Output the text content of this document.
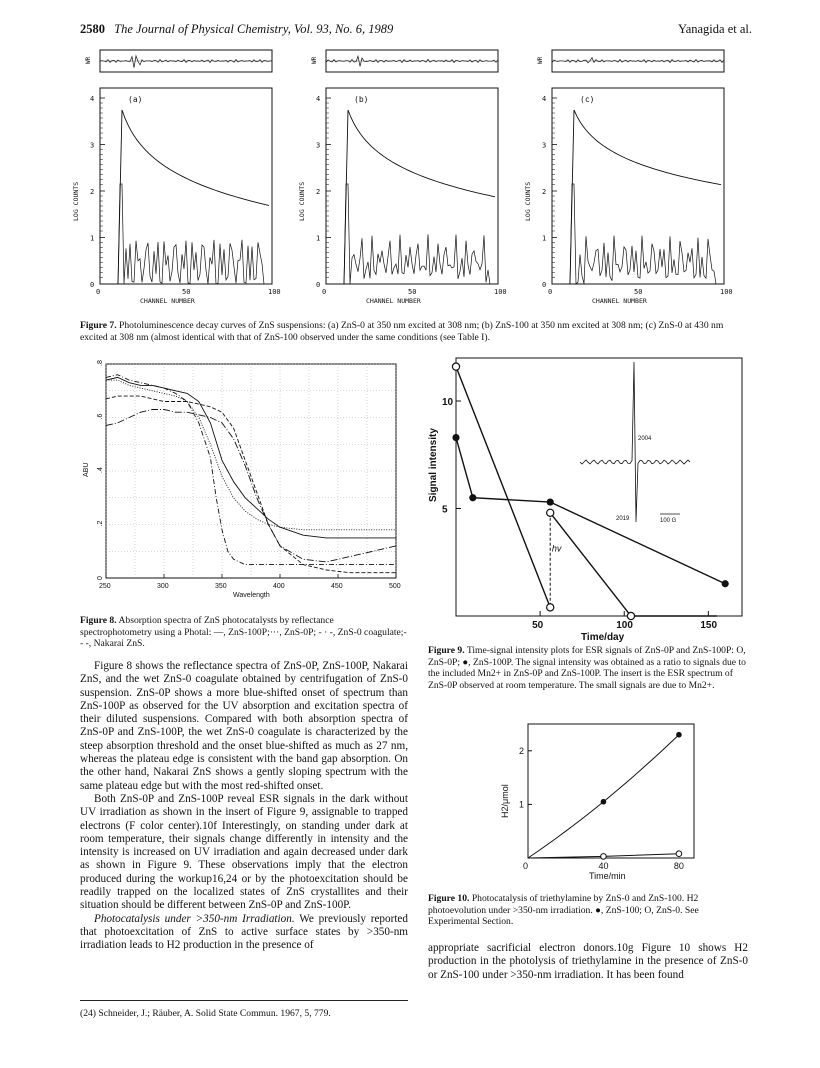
2580 The Journal of Physical Chemistry, Vol. 93, No. 6, 1989	Yanagida et al.
WR
4
3
2
1
0
LOG COUNTS
(a)
0	50	100
CHANNEL NUMBER
WR
4
3
2
1
0
LOG COUNTS
(b)
0	50	100
CHANNEL NUMBER
WR
4
3
2
1
0
LOG COUNTS
(c)
0	50	100
CHANNEL NUMBER
Figure 7. Photoluminescence decay curves of ZnS suspensions: (a) ZnS-0 at 350 nm excited at 308 nm; (b) ZnS-100 at 350 nm excited at 308 nm; (c) ZnS-0 at 430 nm excited at 308 nm (almost identical with that of ZnS-100 observed under the same conditions (see Table I).
250	300	350	400	450	500
.8
.6
.4
.2
0
Wavelength
ABU
Figure 8. Absorption spectra of ZnS photocatalysts by reflectance spectrophotometry using a Photal: —, ZnS-100P;···, ZnS-0P; - · -, ZnS-0 coagulate;- - -, Nakarai ZnS.

Figure 8 shows the reflectance spectra of ZnS-0P, ZnS-100P, Nakarai ZnS, and the wet ZnS-0 coagulate obtained by centrifugation of ZnS-0 suspension. ZnS-0P shows a more blue-shifted onset of spectrum than ZnS-100P as observed for the UV absorption and excitation spectra of their diluted suspensions. Compared with both absorption spectra of ZnS-0P and ZnS-100P, the wet ZnS-0 coagulate is characterized by the steep absorption threshold and the onset blue-shifted as much as 27 nm, whereas the plateau edge is consistent with the band gap absorption. On the other hand, Nakarai ZnS shows a gently sloping spectrum with the same plateau edge but with the most red-shifted onset.

Both ZnS-0P and ZnS-100P reveal ESR signals in the dark without UV irradiation as shown in the insert of Figure 9, assignable to trapped electrons (F color center).10f Interestingly, on standing under dark at room temperature, their signals change differently in intensity and the intensity is increased on UV irradiation and again decreased under dark as shown in Figure 9. These observations imply that the electron produced during the workup16,24 or by the photoexcitation should be readily trapped on the localized states of ZnS crystallites and their situation should be different between ZnS-0P and ZnS-100P.

Photocatalysis under >350-nm Irradiation. We previously reported that photoexcitation of ZnS to active surface states by >350-nm irradiation leads to H2 production in the presence of

(24) Schneider, J.; Räuber, A. Solid State Commun. 1967, 5, 779.
50	100	150
10
5
Time/day
Signal intensity
hv
2004
2019	100 G
Figure 9. Time-signal intensity plots for ESR signals of ZnS-0P and ZnS-100P: O, ZnS-0P; ●, ZnS-100P. The signal intensity was obtained as a ratio to signals due to the included Mn2+ in ZnS-0P and ZnS-100P. The insert is the ESR spectrum of ZnS-0P observed at room temperature. The small signals are due to Mn2+.
0	40	80
2
1
Time/min
H2/μmol
Figure 10. Photocatalysis of triethylamine by ZnS-0 and ZnS-100. H2 photoevolution under >350-nm irradiation. ●, ZnS-100; O, ZnS-0. See Experimental Section.

appropriate sacrificial electron donors.10g Figure 10 shows H2 production in the photolysis of triethylamine in the presence of ZnS-0 or ZnS-100 under >350-nm irradiation. It has been found
